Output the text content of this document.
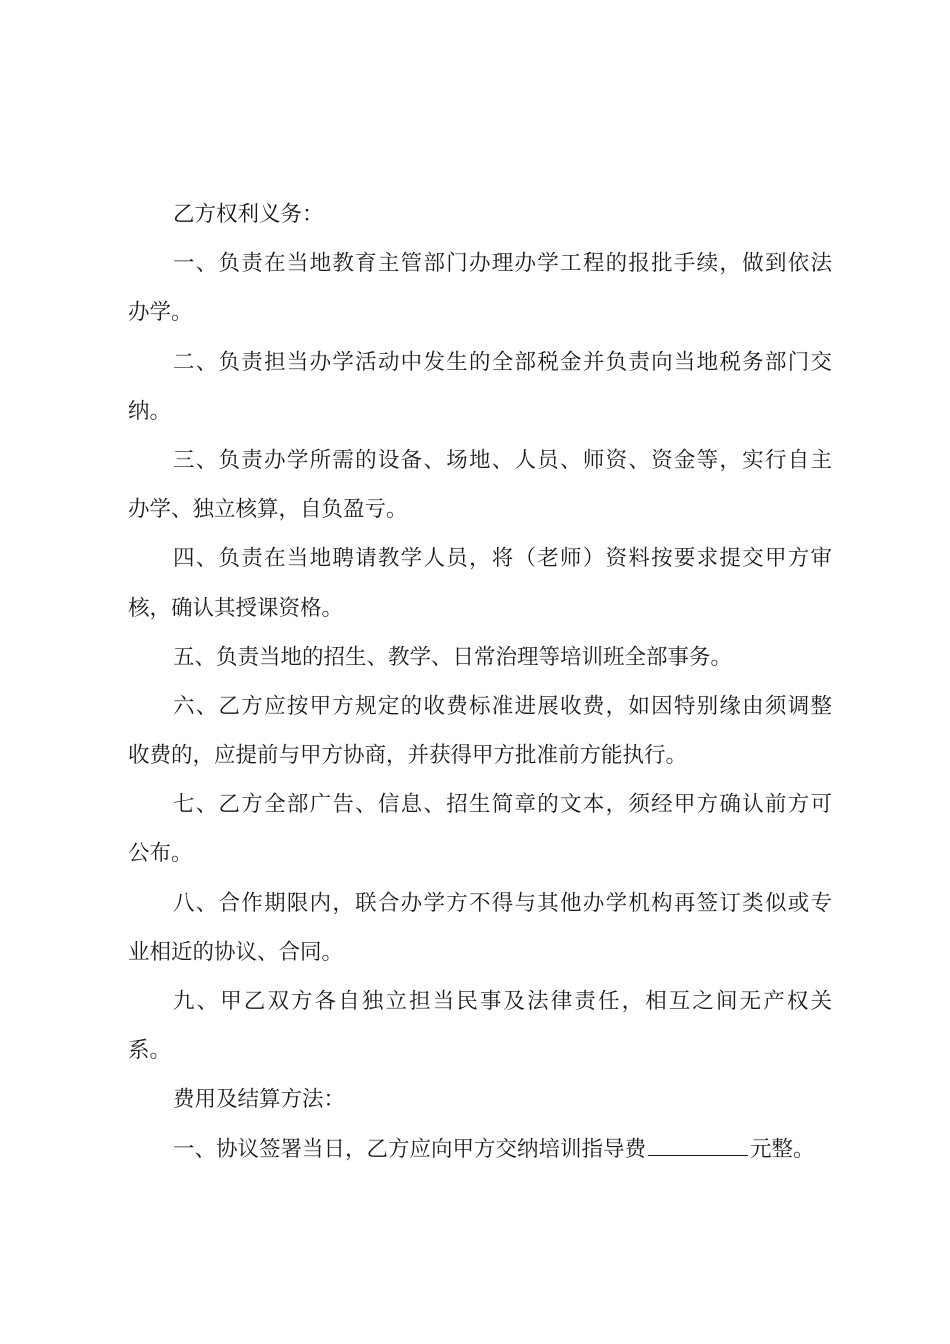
乙方权利义务：
一、负责在当地教育主管部门办理办学工程的报批手续，做到依法
办学。
二、负责担当办学活动中发生的全部税金并负责向当地税务部门交
纳。
三、负责办学所需的设备、场地、人员、师资、资金等，实行自主
办学、独立核算，自负盈亏。
四、负责在当地聘请教学人员，将（老师）资料按要求提交甲方审
核，确认其授课资格。
五、负责当地的招生、教学、日常治理等培训班全部事务。
六、乙方应按甲方规定的收费标准进展收费，如因特别缘由须调整
收费的，应提前与甲方协商，并获得甲方批准前方能执行。
七、乙方全部广告、信息、招生简章的文本，须经甲方确认前方可
公布。
八、合作期限内，联合办学方不得与其他办学机构再签订类似或专
业相近的协议、合同。
九、甲乙双方各自独立担当民事及法律责任，相互之间无产权关
系。
费用及结算方法：
一、协议签署当日，乙方应向甲方交纳培训指导费	元整。
